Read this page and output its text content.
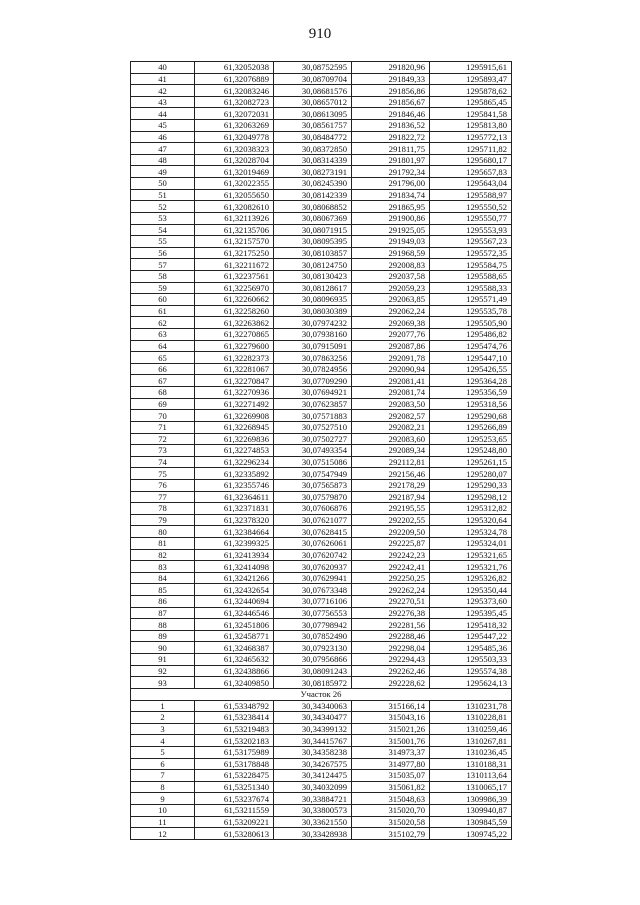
910
40	61,32052038	30,08752595	291820,96	1295915,61
41	61,32076889	30,08709704	291849,33	1295893,47
42	61,32083246	30,08681576	291856,86	1295878,62
43	61,32082723	30,08657012	291856,67	1295865,45
44	61,32072031	30,08613095	291846,46	1295841,58
45	61,32063269	30,08561757	291836,52	1295813,80
46	61,32049778	30,08484772	291822,72	1295772,13
47	61,32038323	30,08372850	291811,75	1295711,82
48	61,32028704	30,08314339	291801,97	1295680,17
49	61,32019469	30,08273191	291792,34	1295657,83
50	61,32022355	30,08245390	291796,00	1295643,04
51	61,32055650	30,08142339	291834,74	1295588,97
52	61,32082610	30,08068852	291865,95	1295550,52
53	61,32113926	30,08067369	291900,86	1295550,77
54	61,32135706	30,08071915	291925,05	1295553,93
55	61,32157570	30,08095395	291949,03	1295567,23
56	61,32175250	30,08103857	291968,59	1295572,35
57	61,32211672	30,08124750	292008,83	1295584,75
58	61,32237561	30,08130423	292037,58	1295588,65
59	61,32256970	30,08128617	292059,23	1295588,33
60	61,32260662	30,08096935	292063,85	1295571,49
61	61,32258260	30,08030389	292062,24	1295535,78
62	61,32263862	30,07974232	292069,38	1295505,90
63	61,32270865	30,07938160	292077,76	1295486,82
64	61,32279600	30,07915091	292087,86	1295474,76
65	61,32282373	30,07863256	292091,78	1295447,10
66	61,32281067	30,07824956	292090,94	1295426,55
67	61,32270847	30,07709290	292081,41	1295364,28
68	61,32270936	30,07694921	292081,74	1295356,59
69	61,32271492	30,07623857	292083,50	1295318,56
70	61,32269908	30,07571883	292082,57	1295290,68
71	61,32268945	30,07527510	292082,21	1295266,89
72	61,32269836	30,07502727	292083,60	1295253,65
73	61,32274853	30,07493354	292089,34	1295248,80
74	61,32296234	30,07515086	292112,81	1295261,15
75	61,32335892	30,07547949	292156,46	1295280,07
76	61,32355746	30,07565873	292178,29	1295290,33
77	61,32364611	30,07579870	292187,94	1295298,12
78	61,32371831	30,07606876	292195,55	1295312,82
79	61,32378320	30,07621077	292202,55	1295320,64
80	61,32384664	30,07628415	292209,50	1295324,78
81	61,32399325	30,07626061	292225,87	1295324,01
82	61,32413934	30,07620742	292242,23	1295321,65
83	61,32414098	30,07620937	292242,41	1295321,76
84	61,32421266	30,07629941	292250,25	1295326,82
85	61,32432654	30,07673348	292262,24	1295350,44
86	61,32440694	30,07716106	292270,51	1295373,60
87	61,32446546	30,07756553	292276,38	1295395,45
88	61,32451806	30,07798942	292281,56	1295418,32
89	61,32458771	30,07852490	292288,46	1295447,22
90	61,32468387	30,07923130	292298,04	1295485,36
91	61,32465632	30,07956866	292294,43	1295503,33
92	61,32438866	30,08091243	292262,46	1295574,38
93	61,32409850	30,08185972	292228,62	1295624,13
Участок 26				
1	61,53348792	30,34340063	315166,14	1310231,78
2	61,53238414	30,34340477	315043,16	1310228,81
3	61,53219483	30,34399132	315021,26	1310259,46
4	61,53202183	30,34415767	315001,76	1310267,81
5	61,53175989	30,34358238	314973,37	1310236,45
6	61,53178848	30,34267575	314977,80	1310188,31
7	61,53228475	30,34124475	315035,07	1310113,64
8	61,53251340	30,34032099	315061,82	1310065,17
9	61,53237674	30,33884721	315048,63	1309986,39
10	61,53211559	30,33800573	315020,70	1309940,87
11	61,53209221	30,33621550	315020,58	1309845,59
12	61,53280613	30,33428938	315102,79	1309745,22
